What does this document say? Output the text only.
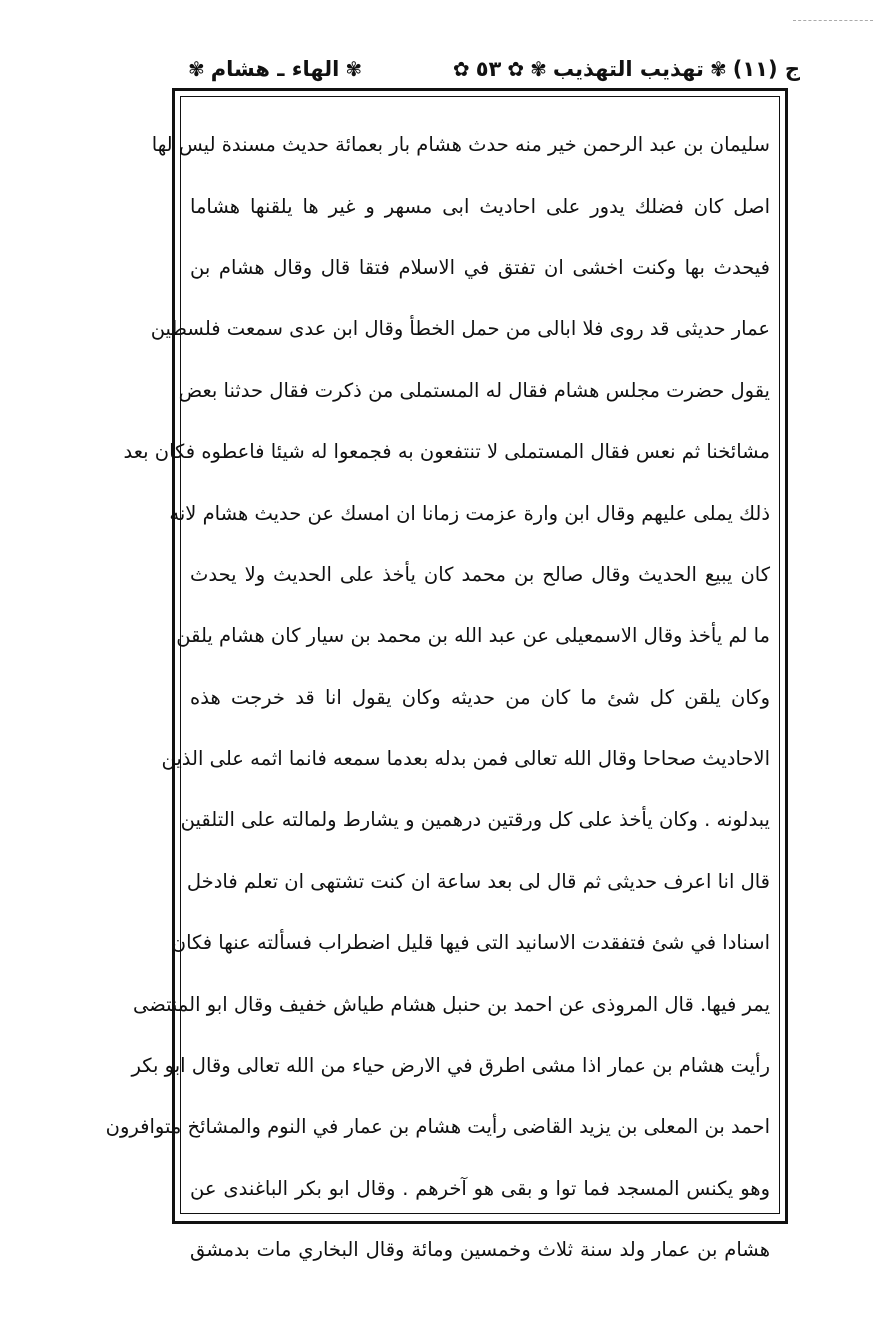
ج (١١)
✾
تهذيب التهذيب
✾
✿
٥٣
✿
✾
الهاء ـ هشام
✾
سليمان بن عبد الرحمن خير منه حدث هشام بار بعمائة حديث مسندة ليس لها
اصل كان فضلك يدور على احاديث ابى مسهر و غير ها يلقنها هشاما
فيحدث بها وكنت اخشى ان تفتق في الاسلام فتقا قال وقال هشام بن
عمار حديثى قد روى فلا ابالى من حمل الخطأ وقال ابن عدى سمعت فلسطين
يقول حضرت مجلس هشام فقال له المستملى من ذكرت فقال حدثنا بعض
مشائخنا ثم نعس فقال المستملى لا تنتفعون به فجمعوا له شيئا فاعطوه فكان بعد
ذلك يملى عليهم وقال ابن وارة عزمت زمانا ان امسك عن حديث هشام لانه
كان يبيع الحديث وقال صالح بن محمد كان يأخذ على الحديث ولا يحدث
ما لم يأخذ وقال الاسمعيلى عن عبد الله بن محمد بن سيار كان هشام يلقن
وكان يلقن كل شئ ما كان من حديثه وكان يقول انا قد خرجت هذه
الاحاديث صحاحا وقال الله تعالى فمن بدله بعدما سمعه فانما اثمه على الذين
يبدلونه . وكان يأخذ على كل ورقتين درهمين و يشارط ولمالته على التلقين
قال انا اعرف حديثى ثم قال لى بعد ساعة ان كنت تشتهى ان تعلم فادخل
اسنادا في شئ فتفقدت الاسانيد التى فيها قليل اضطراب فسألته عنها فكان
يمر فيها. قال المروذى عن احمد بن حنبل هشام طياش خفيف وقال ابو المنتضى
رأيت هشام بن عمار اذا مشى اطرق في الارض حياء من الله تعالى وقال ابو بكر
احمد بن المعلى بن يزيد القاضى رأيت هشام بن عمار في النوم والمشائخ متوافرون
وهو يكنس المسجد فما توا و بقى هو آخرهم . وقال ابو بكر الباغندى عن
هشام بن عمار ولد سنة ثلاث وخمسين ومائة وقال البخاري مات بدمشق
